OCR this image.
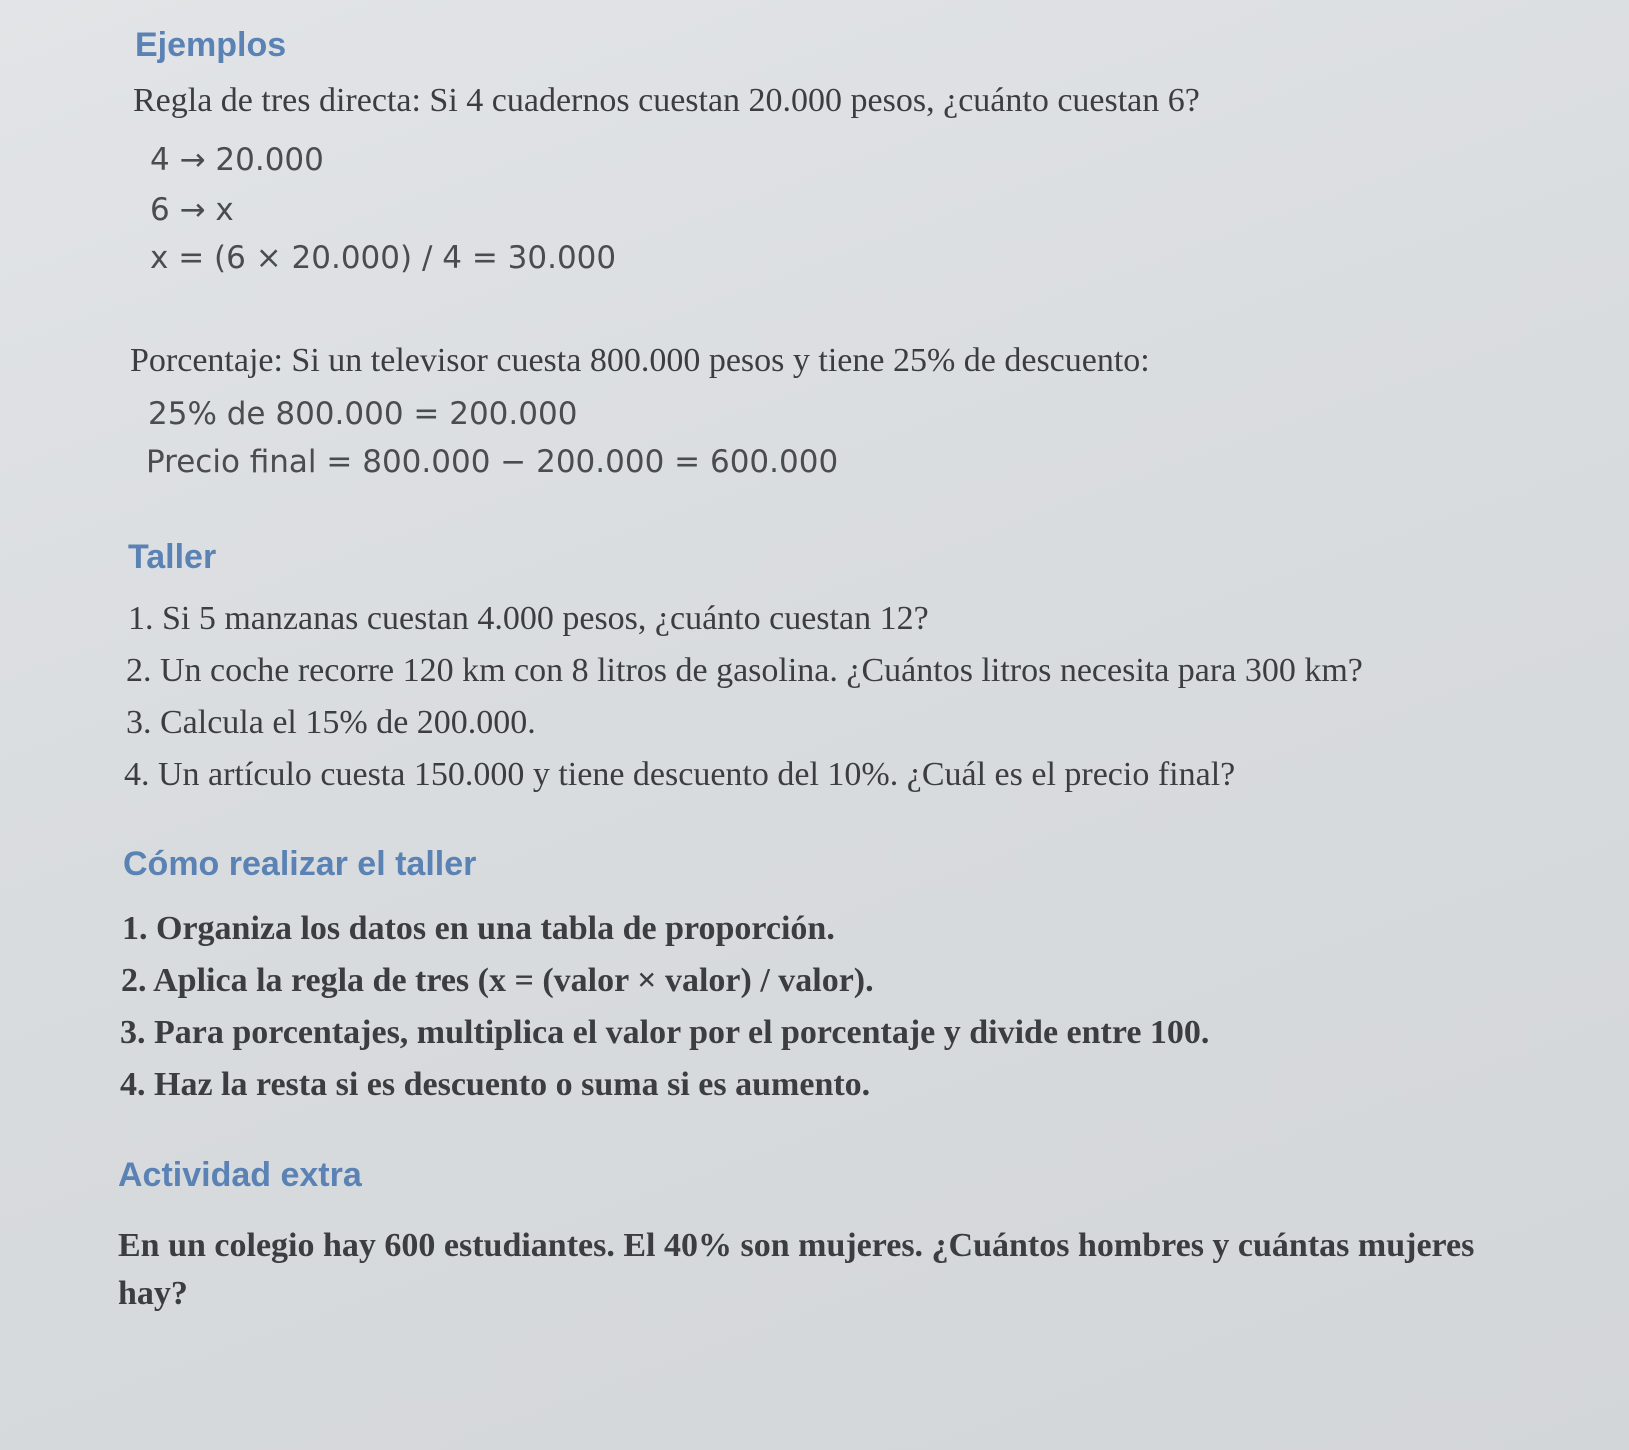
Ejemplos

Regla de tres directa: Si 4 cuadernos cuestan 20.000 pesos, ¿cuánto cuestan 6?

4 → 20.000

6 → x

x = (6 × 20.000) / 4 = 30.000

Porcentaje: Si un televisor cuesta 800.000 pesos y tiene 25% de descuento:

25% de 800.000 = 200.000

Precio final = 800.000 − 200.000 = 600.000

Taller

1. Si 5 manzanas cuestan 4.000 pesos, ¿cuánto cuestan 12?

2. Un coche recorre 120 km con 8 litros de gasolina. ¿Cuántos litros necesita para 300 km?

3. Calcula el 15% de 200.000.

4. Un artículo cuesta 150.000 y tiene descuento del 10%. ¿Cuál es el precio final?

Cómo realizar el taller

1. Organiza los datos en una tabla de proporción.

2. Aplica la regla de tres (x = (valor × valor) / valor).

3. Para porcentajes, multiplica el valor por el porcentaje y divide entre 100.

4. Haz la resta si es descuento o suma si es aumento.

Actividad extra

En un colegio hay 600 estudiantes. El 40% son mujeres. ¿Cuántos hombres y cuántas mujeres hay?
